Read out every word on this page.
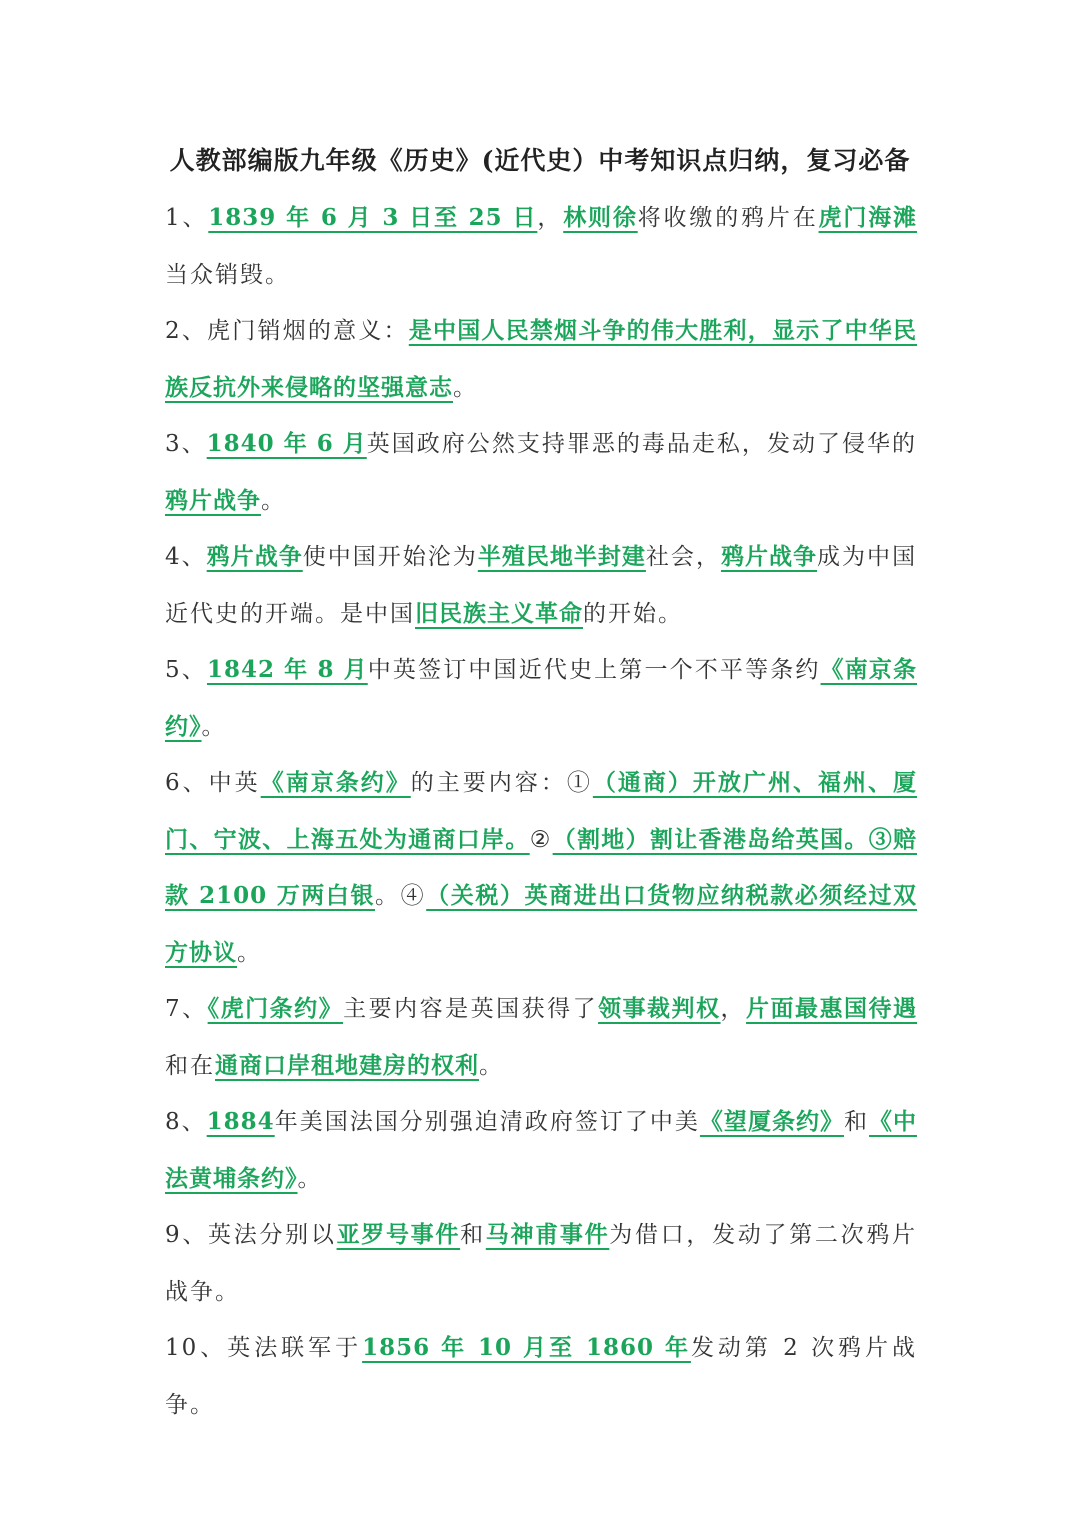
人教部编版九年级《历史》(近代史）中考知识点归纳，复习必备

1、1839 年 6 月 3 日至 25 日，林则徐将收缴的鸦片在虎门海滩当众销毁。

2、虎门销烟的意义：是中国人民禁烟斗争的伟大胜利，显示了中华民族反抗外来侵略的坚强意志。

3、1840 年 6 月英国政府公然支持罪恶的毒品走私，发动了侵华的鸦片战争。

4、鸦片战争使中国开始沦为半殖民地半封建社会，鸦片战争成为中国近代史的开端。是中国旧民族主义革命的开始。

5、1842 年 8 月中英签订中国近代史上第一个不平等条约《南京条约》。

6、中英《南京条约》的主要内容：①（通商）开放广州、福州、厦门、宁波、上海五处为通商口岸。②（割地）割让香港岛给英国。③赔款 2100 万两白银。④（关税）英商进出口货物应纳税款必须经过双方协议。

7、《虎门条约》主要内容是英国获得了领事裁判权，片面最惠国待遇和在通商口岸租地建房的权利。

8、1884年美国法国分别强迫清政府签订了中美《望厦条约》和《中法黄埔条约》。

9、英法分别以亚罗号事件和马神甫事件为借口，发动了第二次鸦片战争。

10、英法联军于1856 年 10 月至 1860 年发动第 2 次鸦片战争。
